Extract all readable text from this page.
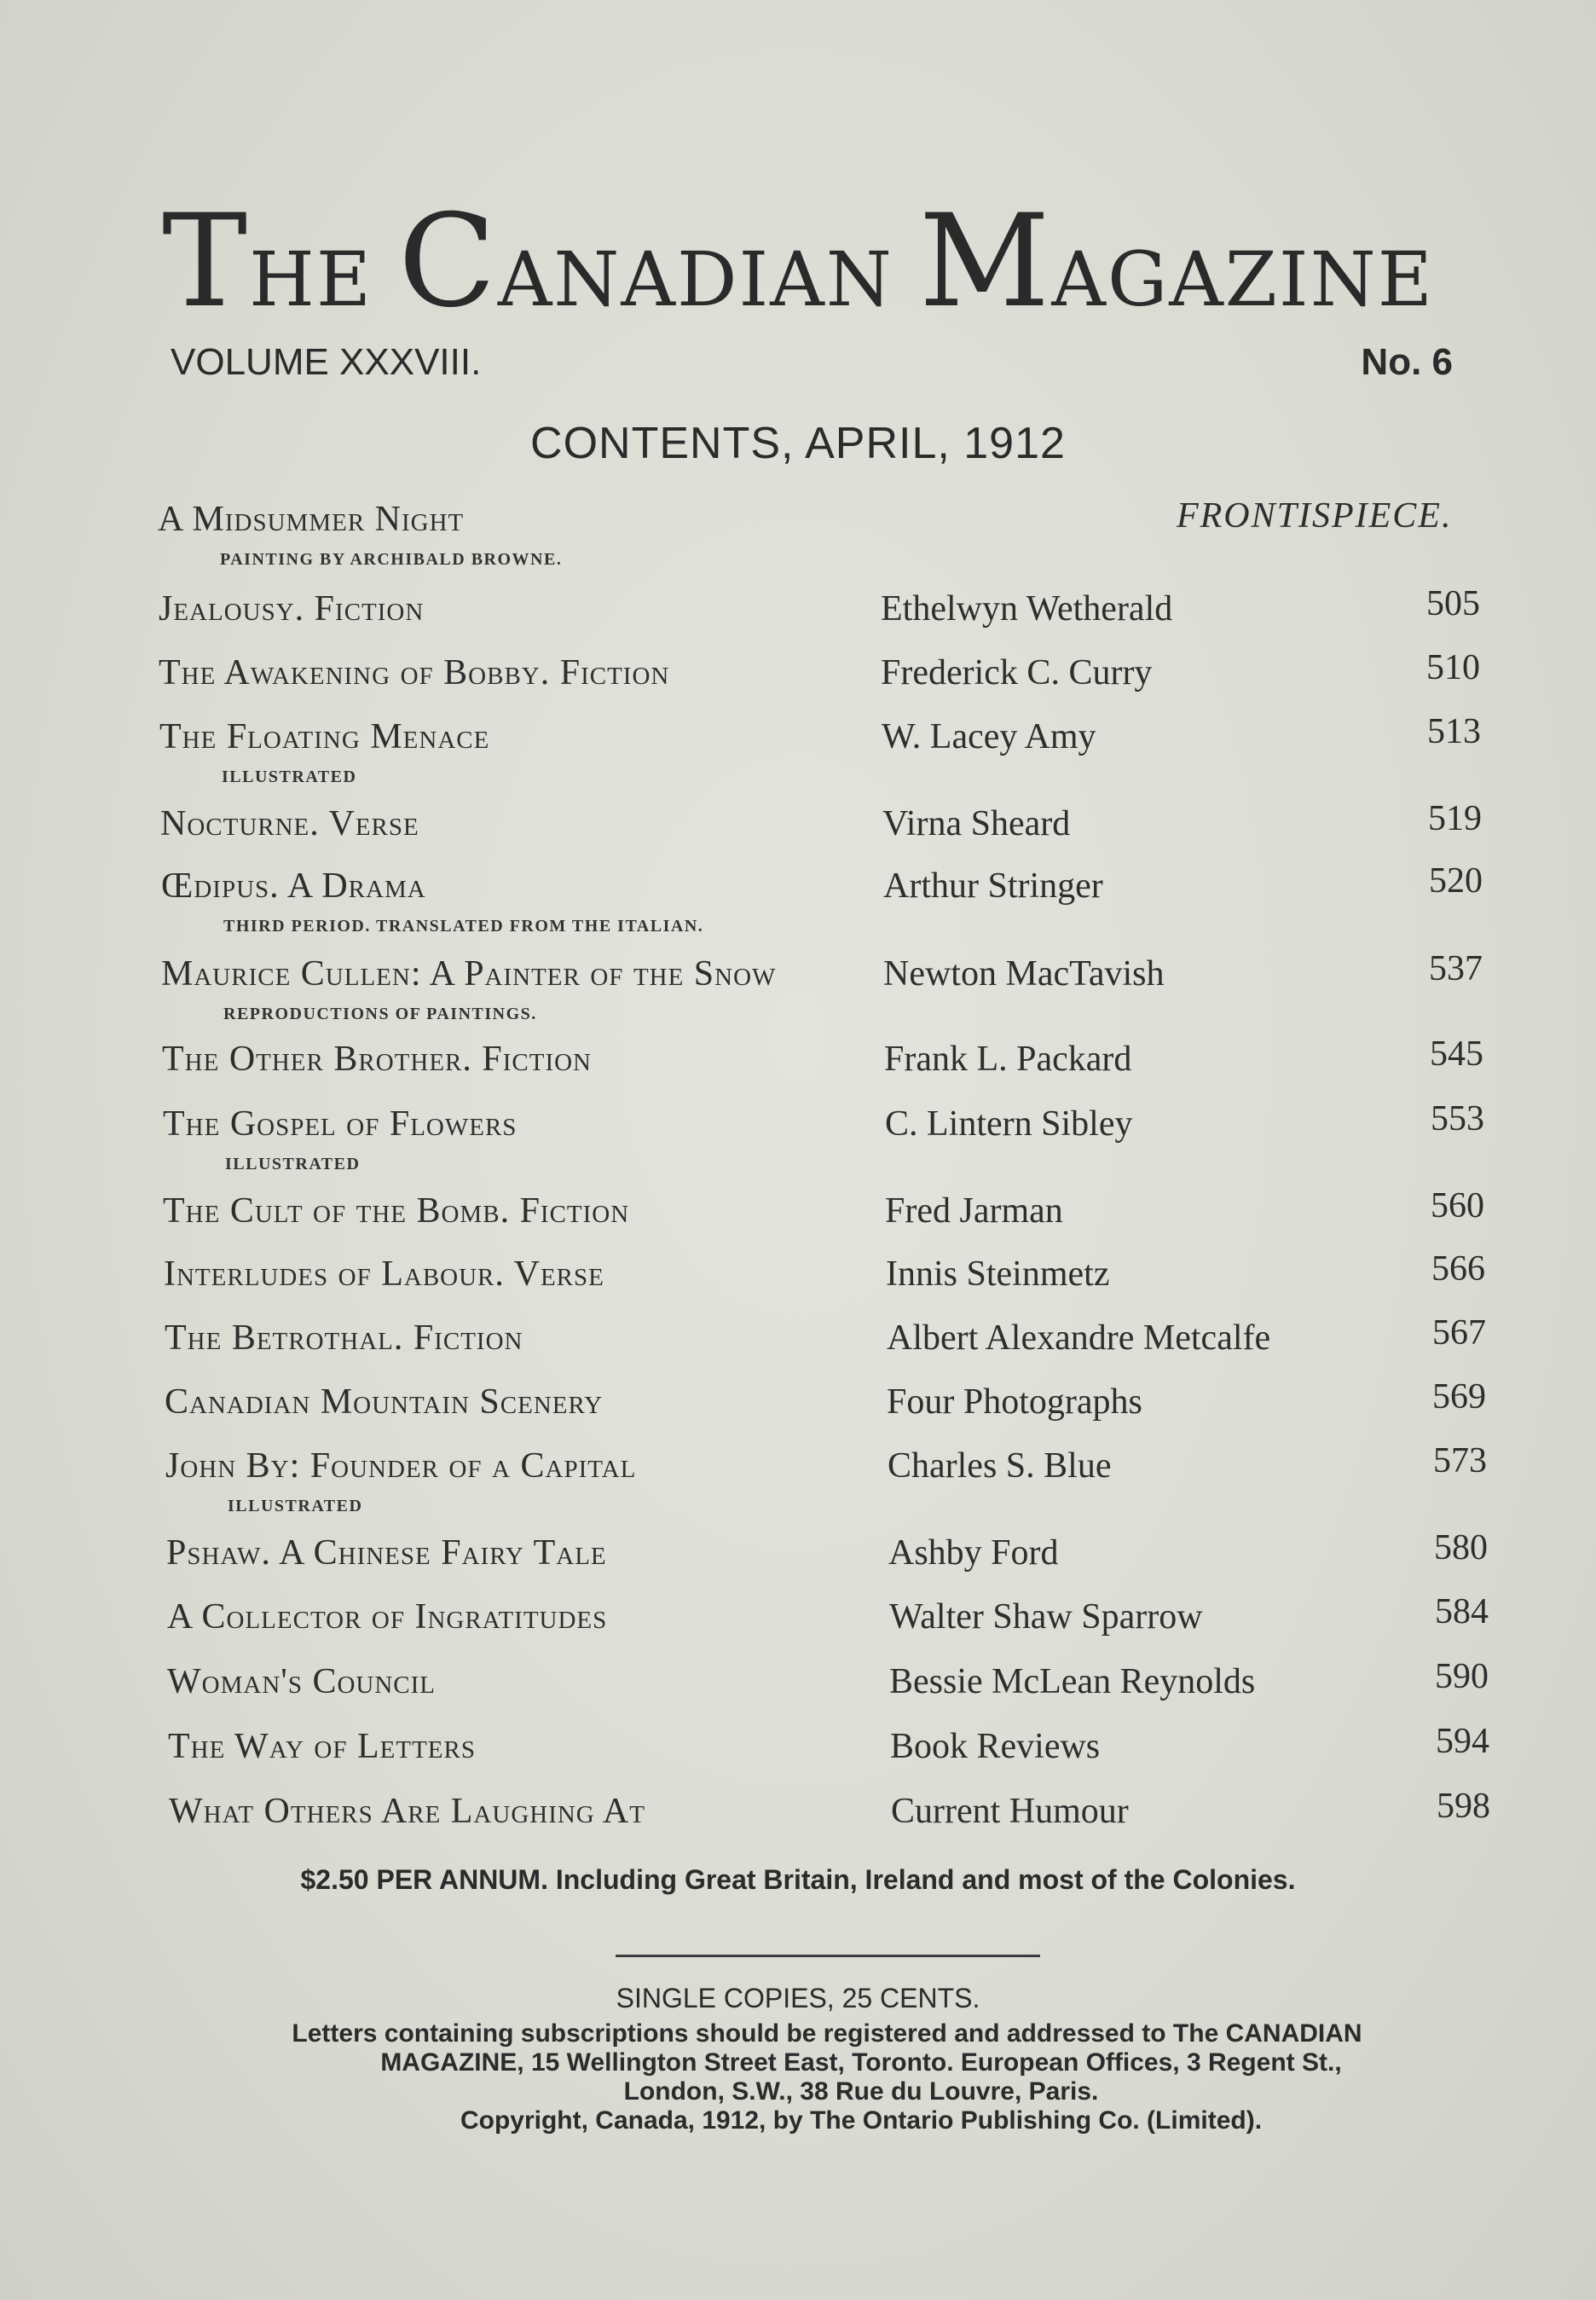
THE CANADIAN MAGAZINE
VOLUME XXXVIII.	No. 6
CONTENTS, APRIL, 1912
A Midsummer Night	FRONTISPIECE.
PAINTING BY ARCHIBALD BROWNE.
Jealousy. Fiction	Ethelwyn Wetherald	505
The Awakening of Bobby. Fiction	Frederick C. Curry	510
The Floating Menace	W. Lacey Amy	513
ILLUSTRATED
Nocturne. Verse	Virna Sheard	519
Œdipus. A Drama	Arthur Stringer	520
THIRD PERIOD. TRANSLATED FROM THE ITALIAN.
Maurice Cullen: A Painter of the Snow	Newton MacTavish	537
REPRODUCTIONS OF PAINTINGS.
The Other Brother. Fiction	Frank L. Packard	545
The Gospel of Flowers	C. Lintern Sibley	553
ILLUSTRATED
The Cult of the Bomb. Fiction	Fred Jarman	560
Interludes of Labour. Verse	Innis Steinmetz	566
The Betrothal. Fiction	Albert Alexandre Metcalfe	567
Canadian Mountain Scenery	Four Photographs	569
John By: Founder of a Capital	Charles S. Blue	573
ILLUSTRATED
Pshaw. A Chinese Fairy Tale	Ashby Ford	580
A Collector of Ingratitudes	Walter Shaw Sparrow	584
Woman's Council	Bessie McLean Reynolds	590
The Way of Letters	Book Reviews	594
What Others Are Laughing At	Current Humour	598
$2.50 PER ANNUM. Including Great Britain, Ireland and most of the Colonies.
SINGLE COPIES, 25 CENTS.
Letters containing subscriptions should be registered and addressed to The CANADIAN
MAGAZINE, 15 Wellington Street East, Toronto. European Offices, 3 Regent St.,
London, S.W., 38 Rue du Louvre, Paris.
Copyright, Canada, 1912, by The Ontario Publishing Co. (Limited).
